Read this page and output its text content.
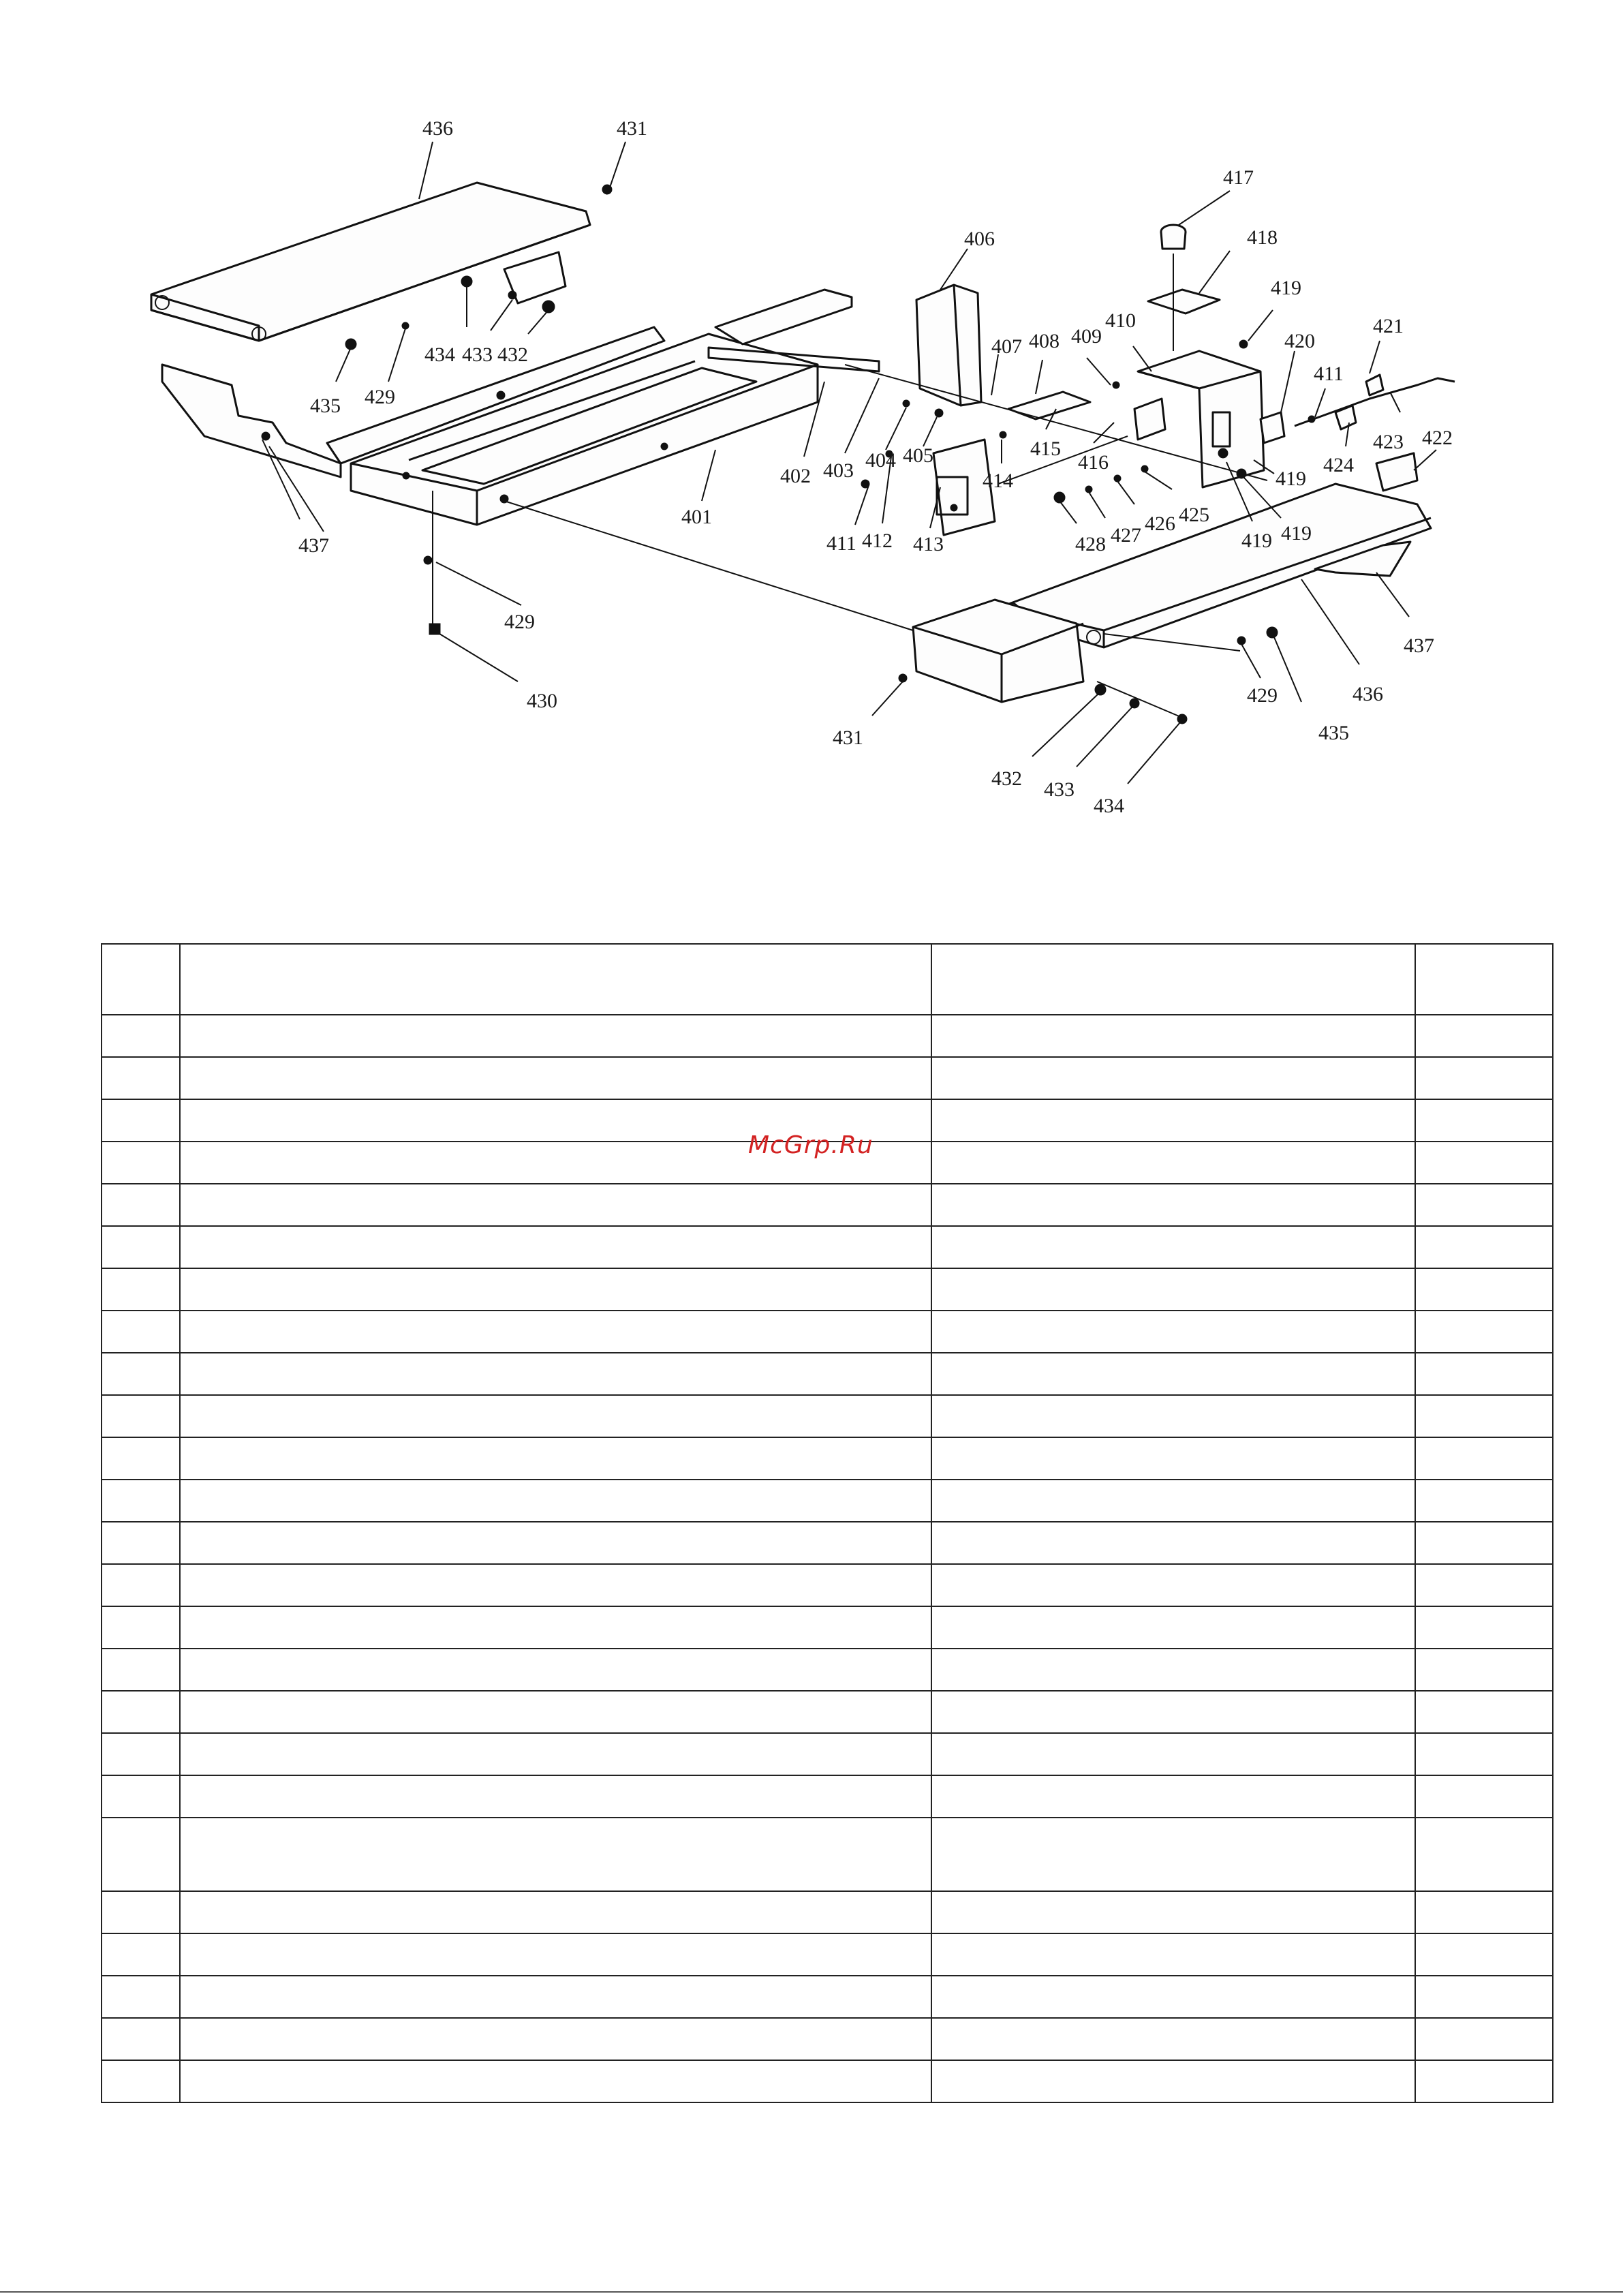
436	431
417
406	418
419
421
420
411
407 408 409
410
434 433 432
429
435
437
402 403 404 405
414
415
416
425
426
427
428	419 419
419
422
423
424
401
411 412 413
429
430
437
436
435
429
431
432 433
434

McGrp.Ru
